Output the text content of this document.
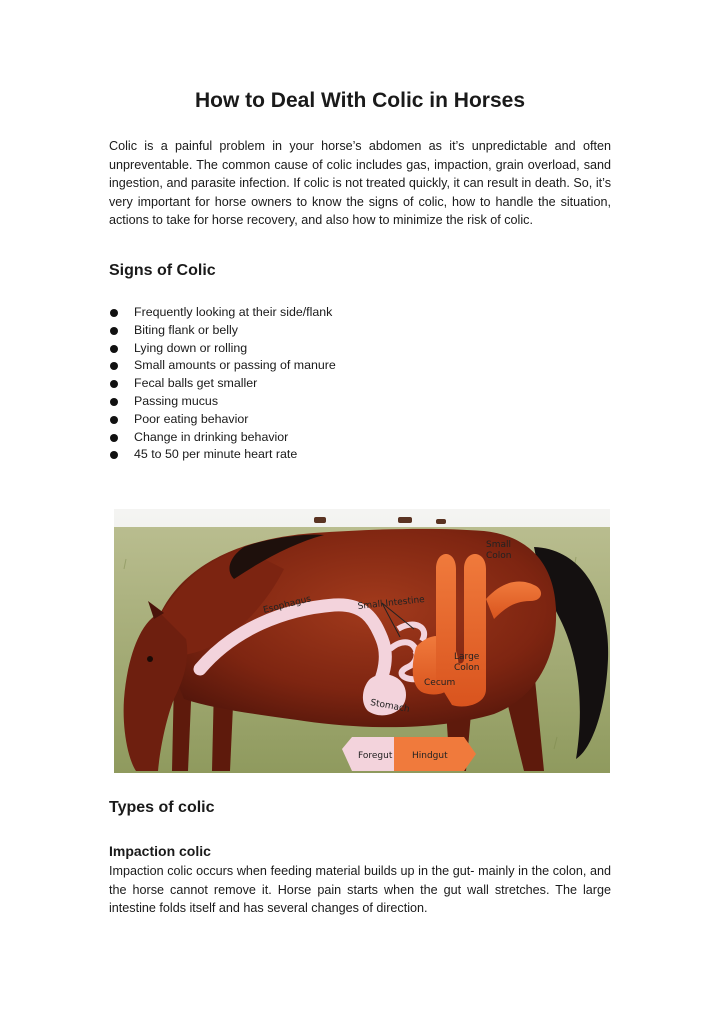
How to Deal With Colic in Horses

Colic is a painful problem in your horse’s abdomen as it’s unpredictable and often unpreventable. The common cause of colic includes gas, impaction, grain overload, sand ingestion, and parasite infection. If colic is not treated quickly, it can result in death. So, it’s very important for horse owners to know the signs of colic, how to handle the situation, actions to take for horse recovery, and also how to minimize the risk of colic.

Signs of Colic
Frequently looking at their side/flank
Biting flank or belly
Lying down or rolling
Small amounts or passing of manure
Fecal balls get smaller
Passing mucus
Poor eating behavior
Change in drinking behavior
45 to 50 per minute heart rate
Types of colic
Impaction colic

Impaction colic occurs when feeding material builds up in the gut- mainly in the colon, and the horse cannot remove it. Horse pain starts when the gut wall stretches. The large intestine folds itself and has several changes of direction.

Esophagus	Small Intestine
Stomach
Cecum
Large
Colon
Small
Colon
Foregut Hindgut
